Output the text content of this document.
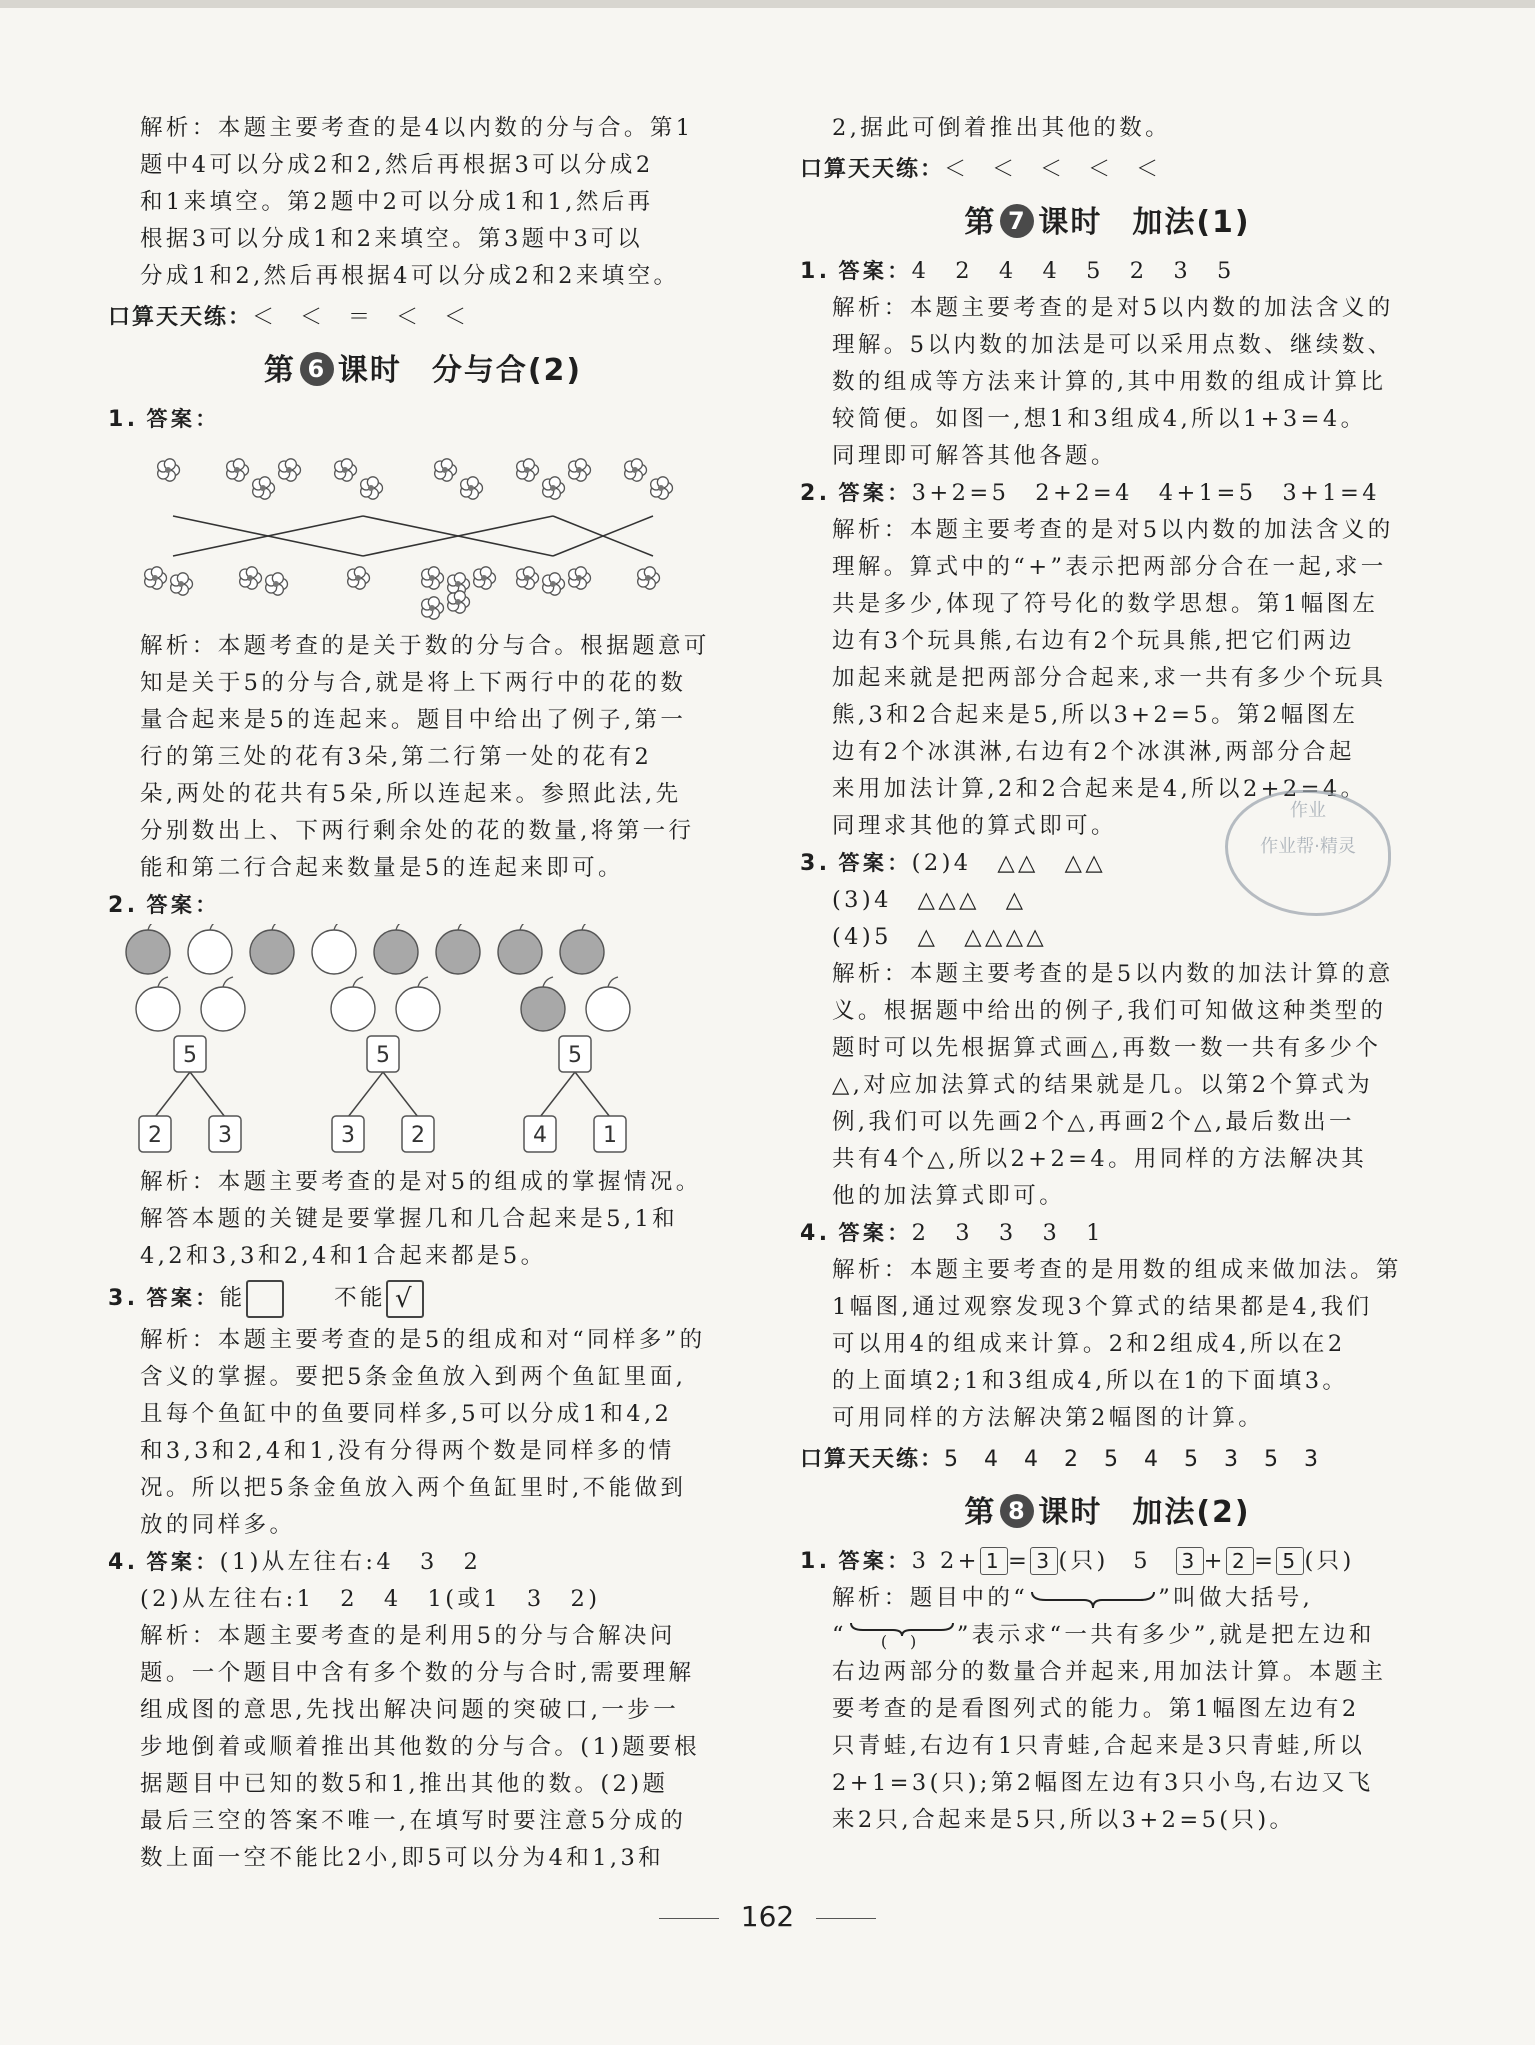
解析：本题主要考查的是4以内数的分与合。第1

题中4可以分成2和2,然后再根据3可以分成2

和1来填空。第2题中2可以分成1和1,然后再

根据3可以分成1和2来填空。第3题中3可以

分成1和2,然后再根据4可以分成2和2来填空。

口算天天练：＜　＜　＝　＜　＜
第 6 课时 分与合(2)
1. 答案：

解析：本题考查的是关于数的分与合。根据题意可

知是关于5的分与合,就是将上下两行中的花的数

量合起来是5的连起来。题目中给出了例子,第一

行的第三处的花有3朵,第二行第一处的花有2

朵,两处的花共有5朵,所以连起来。参照此法,先

分别数出上、下两行剩余处的花的数量,将第一行

能和第二行合起来数量是5的连起来即可。

2. 答案：
5
2	3
5
3	2
5
4	1

解析：本题主要考查的是对5的组成的掌握情况。

解答本题的关键是要掌握几和几合起来是5,1和

4,2和3,3和2,4和1合起来都是5。

3. 答案：能	不能 √

解析：本题主要考查的是5的组成和对“同样多”的

含义的掌握。要把5条金鱼放入到两个鱼缸里面,

且每个鱼缸中的鱼要同样多,5可以分成1和4,2

和3,3和2,4和1,没有分得两个数是同样多的情

况。所以把5条金鱼放入两个鱼缸里时,不能做到

放的同样多。

4. 答案：(1)从左往右:4　3　2

(2)从左往右:1　2　4　1(或1　3　2)

解析：本题主要考查的是利用5的分与合解决问

题。一个题目中含有多个数的分与合时,需要理解

组成图的意思,先找出解决问题的突破口,一步一

步地倒着或顺着推出其他数的分与合。(1)题要根

据题目中已知的数5和1,推出其他的数。(2)题

最后三空的答案不唯一,在填写时要注意5分成的

数上面一空不能比2小,即5可以分为4和1,3和

2,据此可倒着推出其他的数。

口算天天练：＜　＜　＜　＜　＜
第 7 课时 加法(1)
1. 答案：4　2　4　4　5　2　3　5

解析：本题主要考查的是对5以内数的加法含义的

理解。5以内数的加法是可以采用点数、继续数、

数的组成等方法来计算的,其中用数的组成计算比

较简便。如图一,想1和3组成4,所以1+3=4。

同理即可解答其他各题。

2. 答案：3+2=5　2+2=4　4+1=5　3+1=4

解析：本题主要考查的是对5以内数的加法含义的

理解。算式中的“+”表示把两部分合在一起,求一

共是多少,体现了符号化的数学思想。第1幅图左

边有3个玩具熊,右边有2个玩具熊,把它们两边

加起来就是把两部分合起来,求一共有多少个玩具

熊,3和2合起来是5,所以3+2=5。第2幅图左

边有2个冰淇淋,右边有2个冰淇淋,两部分合起

来用加法计算,2和2合起来是4,所以2+2=4。

同理求其他的算式即可。

3. 答案：(2)4　△△　△△

(3)4　△△△　△

(4)5　△　△△△△

解析：本题主要考查的是5以内数的加法计算的意

义。根据题中给出的例子,我们可知做这种类型的

题时可以先根据算式画△,再数一数一共有多少个

△,对应加法算式的结果就是几。以第2个算式为

例,我们可以先画2个△,再画2个△,最后数出一

共有4个△,所以2+2=4。用同样的方法解决其

他的加法算式即可。

4. 答案：2　3　3　3　1

解析：本题主要考查的是用数的组成来做加法。第

1幅图,通过观察发现3个算式的结果都是4,我们

可以用4的组成来计算。2和2组成4,所以在2

的上面填2;1和3组成4,所以在1的下面填3。

可用同样的方法解决第2幅图的计算。

口算天天练：5　4　4　2　5　4　5　3　5　3
第 8 课时 加法(2)
1. 答案：3 2+ 1 = 3 (只) 5 3 + 2 = 5 (只)

解析：题目中的“	”叫做大括号,

“ (　) ”表示求“一共有多少”,就是把左边和

右边两部分的数量合并起来,用加法计算。本题主

要考查的是看图列式的能力。第1幅图左边有2

只青蛙,右边有1只青蛙,合起来是3只青蛙,所以

2+1=3(只);第2幅图左边有3只小鸟,右边又飞

来2只,合起来是5只,所以3+2=5(只)。

作业
作业帮·精灵
162
